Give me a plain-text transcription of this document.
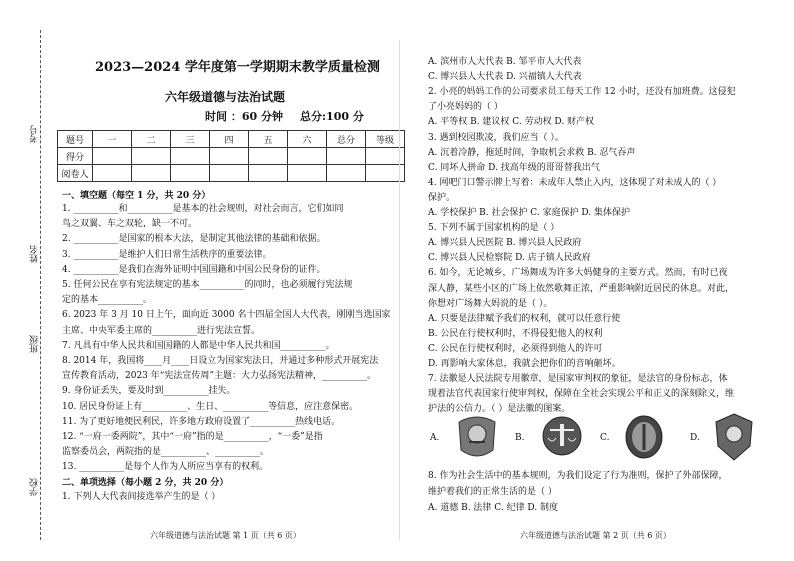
考号
姓名
班级
学校
2023—2024 学年度第一学期期末教学质量检测
六年级道德与法治试题
时间 ：60 分钟 总分:100 分
题号	一	二	三	四	五	六	总分	等级
得分								
阅卷人								
一、填空题（每空 1 分，共 20 分）
1. __________和__________是基本的社会规则，对社会而言，它们如同
鸟之双翼、车之双轮，缺一不可。
2. __________是国家的根本大法，是制定其他法律的基础和依据。
3. __________是维护人们日常生活秩序的重要法律。
4. __________是我们在海外证明中国国籍和中国公民身份的证件。
5. 任何公民在享有宪法规定的基本__________的同时，也必须履行宪法规
定的基本__________。
6. 2023 年 3 月 10 日上午，面向近 3000 名十四届全国人大代表，刚刚当选国家
主席、中央军委主席的__________进行宪法宣誓。
7. 凡具有中华人民共和国国籍的人都是中华人民共和国__________。
8. 2014 年，我国将____月____日设立为国家宪法日，并通过多种形式开展宪法
宣传教育活动，2023 年“宪法宣传周”主题：大力弘扬宪法精神，__________。
9. 身份证丢失，要及时到__________挂失。
10. 居民身份证上有__________、生日、__________等信息，应注意保密。
11. 为了更好地便民利民，许多地方政府设置了__________热线电话。
12. “一府一委两院”，其中“一府”指的是__________，“一委”是指
监察委员会，两院指的是__________、__________。
13. __________是每个人作为人所应当享有的权利。
二、单项选择（每小题 2 分，共 20 分）
1. 下列人大代表间接选举产生的是（ ）
六年级道德与法治试题 第 1 页（共 6 页）
A. 滨州市人大代表 B. 邹平市人大代表
C. 博兴县人大代表 D. 兴福镇人大代表
2. 小亮的妈妈工作的公司要求员工每天工作 12 小时，还没有加班费。这侵犯
了小亮妈妈的（ ）
A. 平等权 B. 建议权 C. 劳动权 D. 财产权
3. 遇到校园欺凌，我们应当（ ）。
A. 沉着冷静，拖延时间，争取机会求救 B. 忍气吞声
C. 同坏人拼命 D. 找高年级的哥哥替我出气
4. 网吧门口警示牌上写着：未成年人禁止入内，这体现了对未成人的（ ）
保护。
A. 学校保护 B. 社会保护 C. 家庭保护 D. 集体保护
5. 下列不属于国家机构的是（ ）
A. 博兴县人民医院 B. 博兴县人民政府
C. 博兴县人民检察院 D. 店子镇人民政府
6. 如今，无论城乡，广场舞成为许多大妈健身的主要方式。然而，有时已夜
深人静，某些小区的广场上依然歌舞正浓，严重影响附近居民的休息。对此，
你想对广场舞大妈说的是（ ）。
A. 只要是法律赋予我们的权利，就可以任意行使
B. 公民在行使权利时，不得侵犯他人的权利
C. 公民在行使权利时，必须得到他人的许可
D. 再影响大家休息，我就会把你们的音响砸坏。
7. 法徽是人民法院专用徽章，是国家审判权的象征，是法官的身份标志，体
现着法官代表国家行使审判权，保障在全社会实现公平和正义的深刻除义，维
护法的公信力。（ ）是法徽的图案。
A.	B.	C.	D.
8. 作为社会生活中的基本规则，为我们设定了行为准则，保护了外部保障，
维护着我们的正常生活的是（ ）
A. 道德 B. 法律 C. 纪律 D. 制度
六年级道德与法治试题 第 2 页（共 6 页）
